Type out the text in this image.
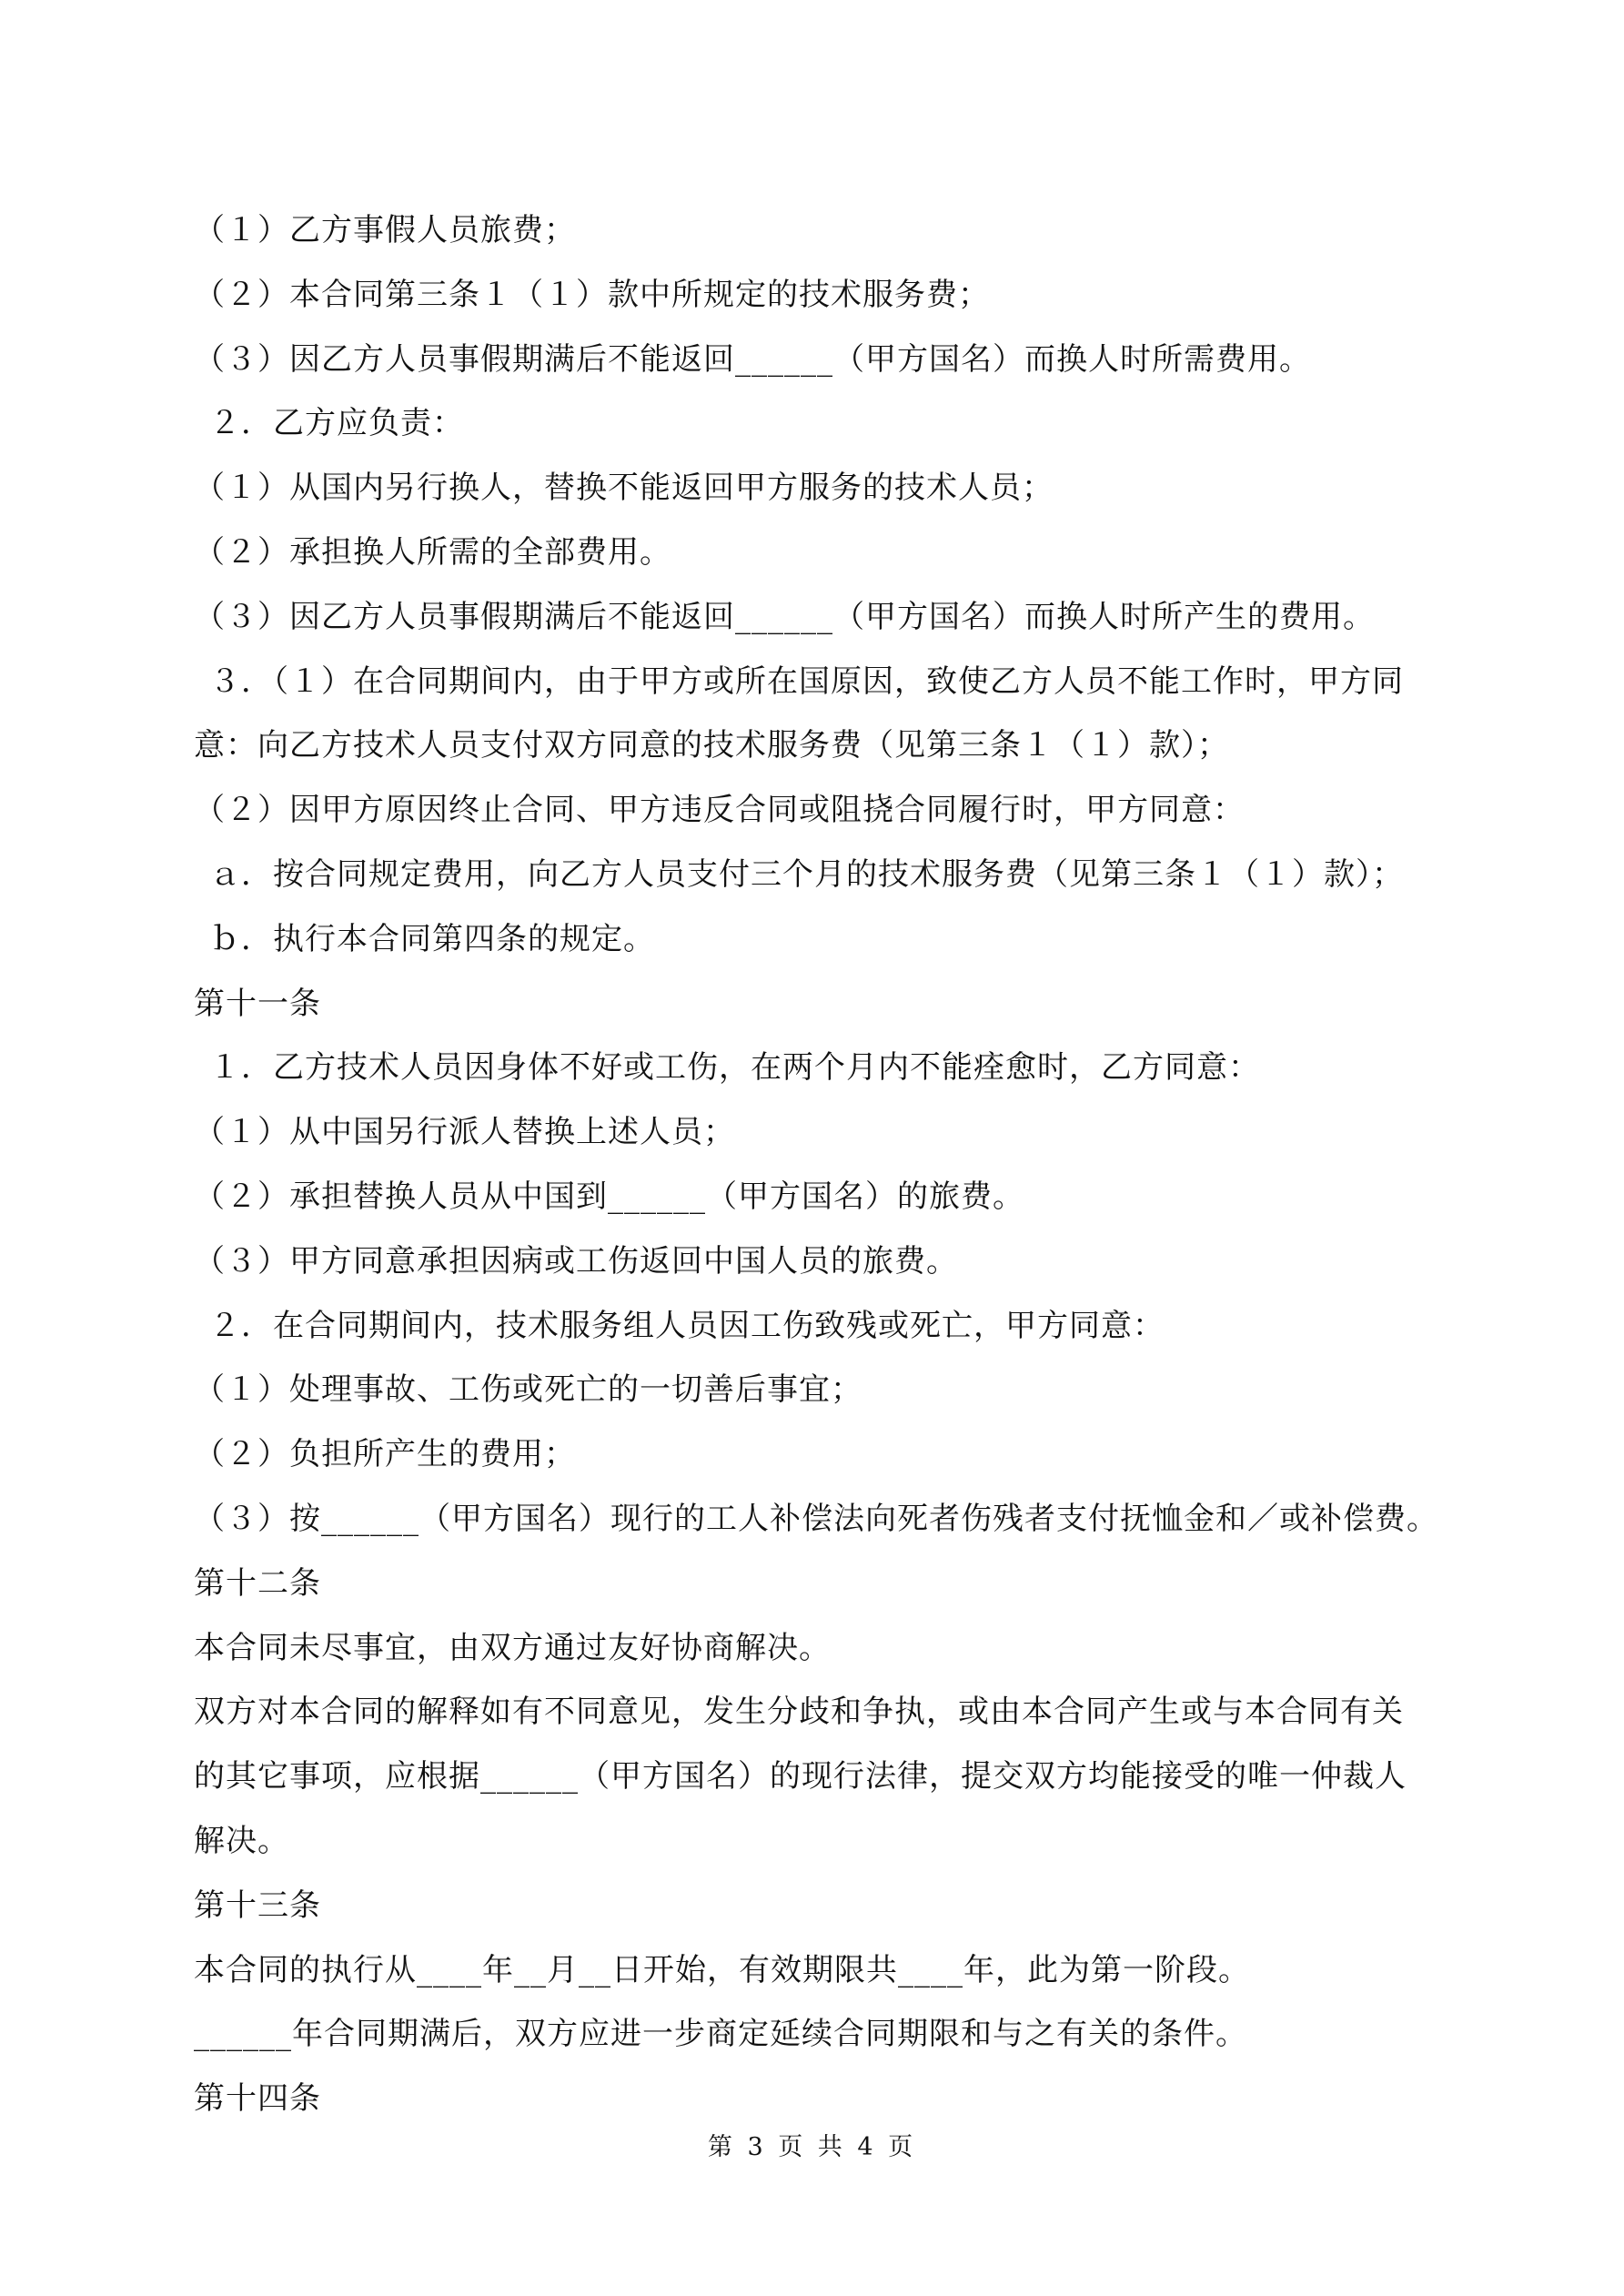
（１）乙方事假人员旅费；
（２）本合同第三条１（１）款中所规定的技术服务费；
（３）因乙方人员事假期满后不能返回______（甲方国名）而换人时所需费用。
２．乙方应负责：
（１）从国内另行换人，替换不能返回甲方服务的技术人员；
（２）承担换人所需的全部费用。
（３）因乙方人员事假期满后不能返回______（甲方国名）而换人时所产生的费用。
３．（１）在合同期间内，由于甲方或所在国原因，致使乙方人员不能工作时，甲方同
意：向乙方技术人员支付双方同意的技术服务费（见第三条１（１）款）；
（２）因甲方原因终止合同、甲方违反合同或阻挠合同履行时，甲方同意：
ａ．按合同规定费用，向乙方人员支付三个月的技术服务费（见第三条１（１）款）；
ｂ．执行本合同第四条的规定。
第十一条
１．乙方技术人员因身体不好或工伤，在两个月内不能痊愈时，乙方同意：
（１）从中国另行派人替换上述人员；
（２）承担替换人员从中国到______（甲方国名）的旅费。
（３）甲方同意承担因病或工伤返回中国人员的旅费。
２．在合同期间内，技术服务组人员因工伤致残或死亡，甲方同意：
（１）处理事故、工伤或死亡的一切善后事宜；
（２）负担所产生的费用；
（３）按______（甲方国名）现行的工人补偿法向死者伤残者支付抚恤金和／或补偿费。
第十二条
本合同未尽事宜，由双方通过友好协商解决。
双方对本合同的解释如有不同意见，发生分歧和争执，或由本合同产生或与本合同有关
的其它事项，应根据______（甲方国名）的现行法律，提交双方均能接受的唯一仲裁人
解决。
第十三条
本合同的执行从____年__月__日开始，有效期限共____年，此为第一阶段。
______年合同期满后，双方应进一步商定延续合同期限和与之有关的条件。
第十四条
第 3 页 共 4 页
